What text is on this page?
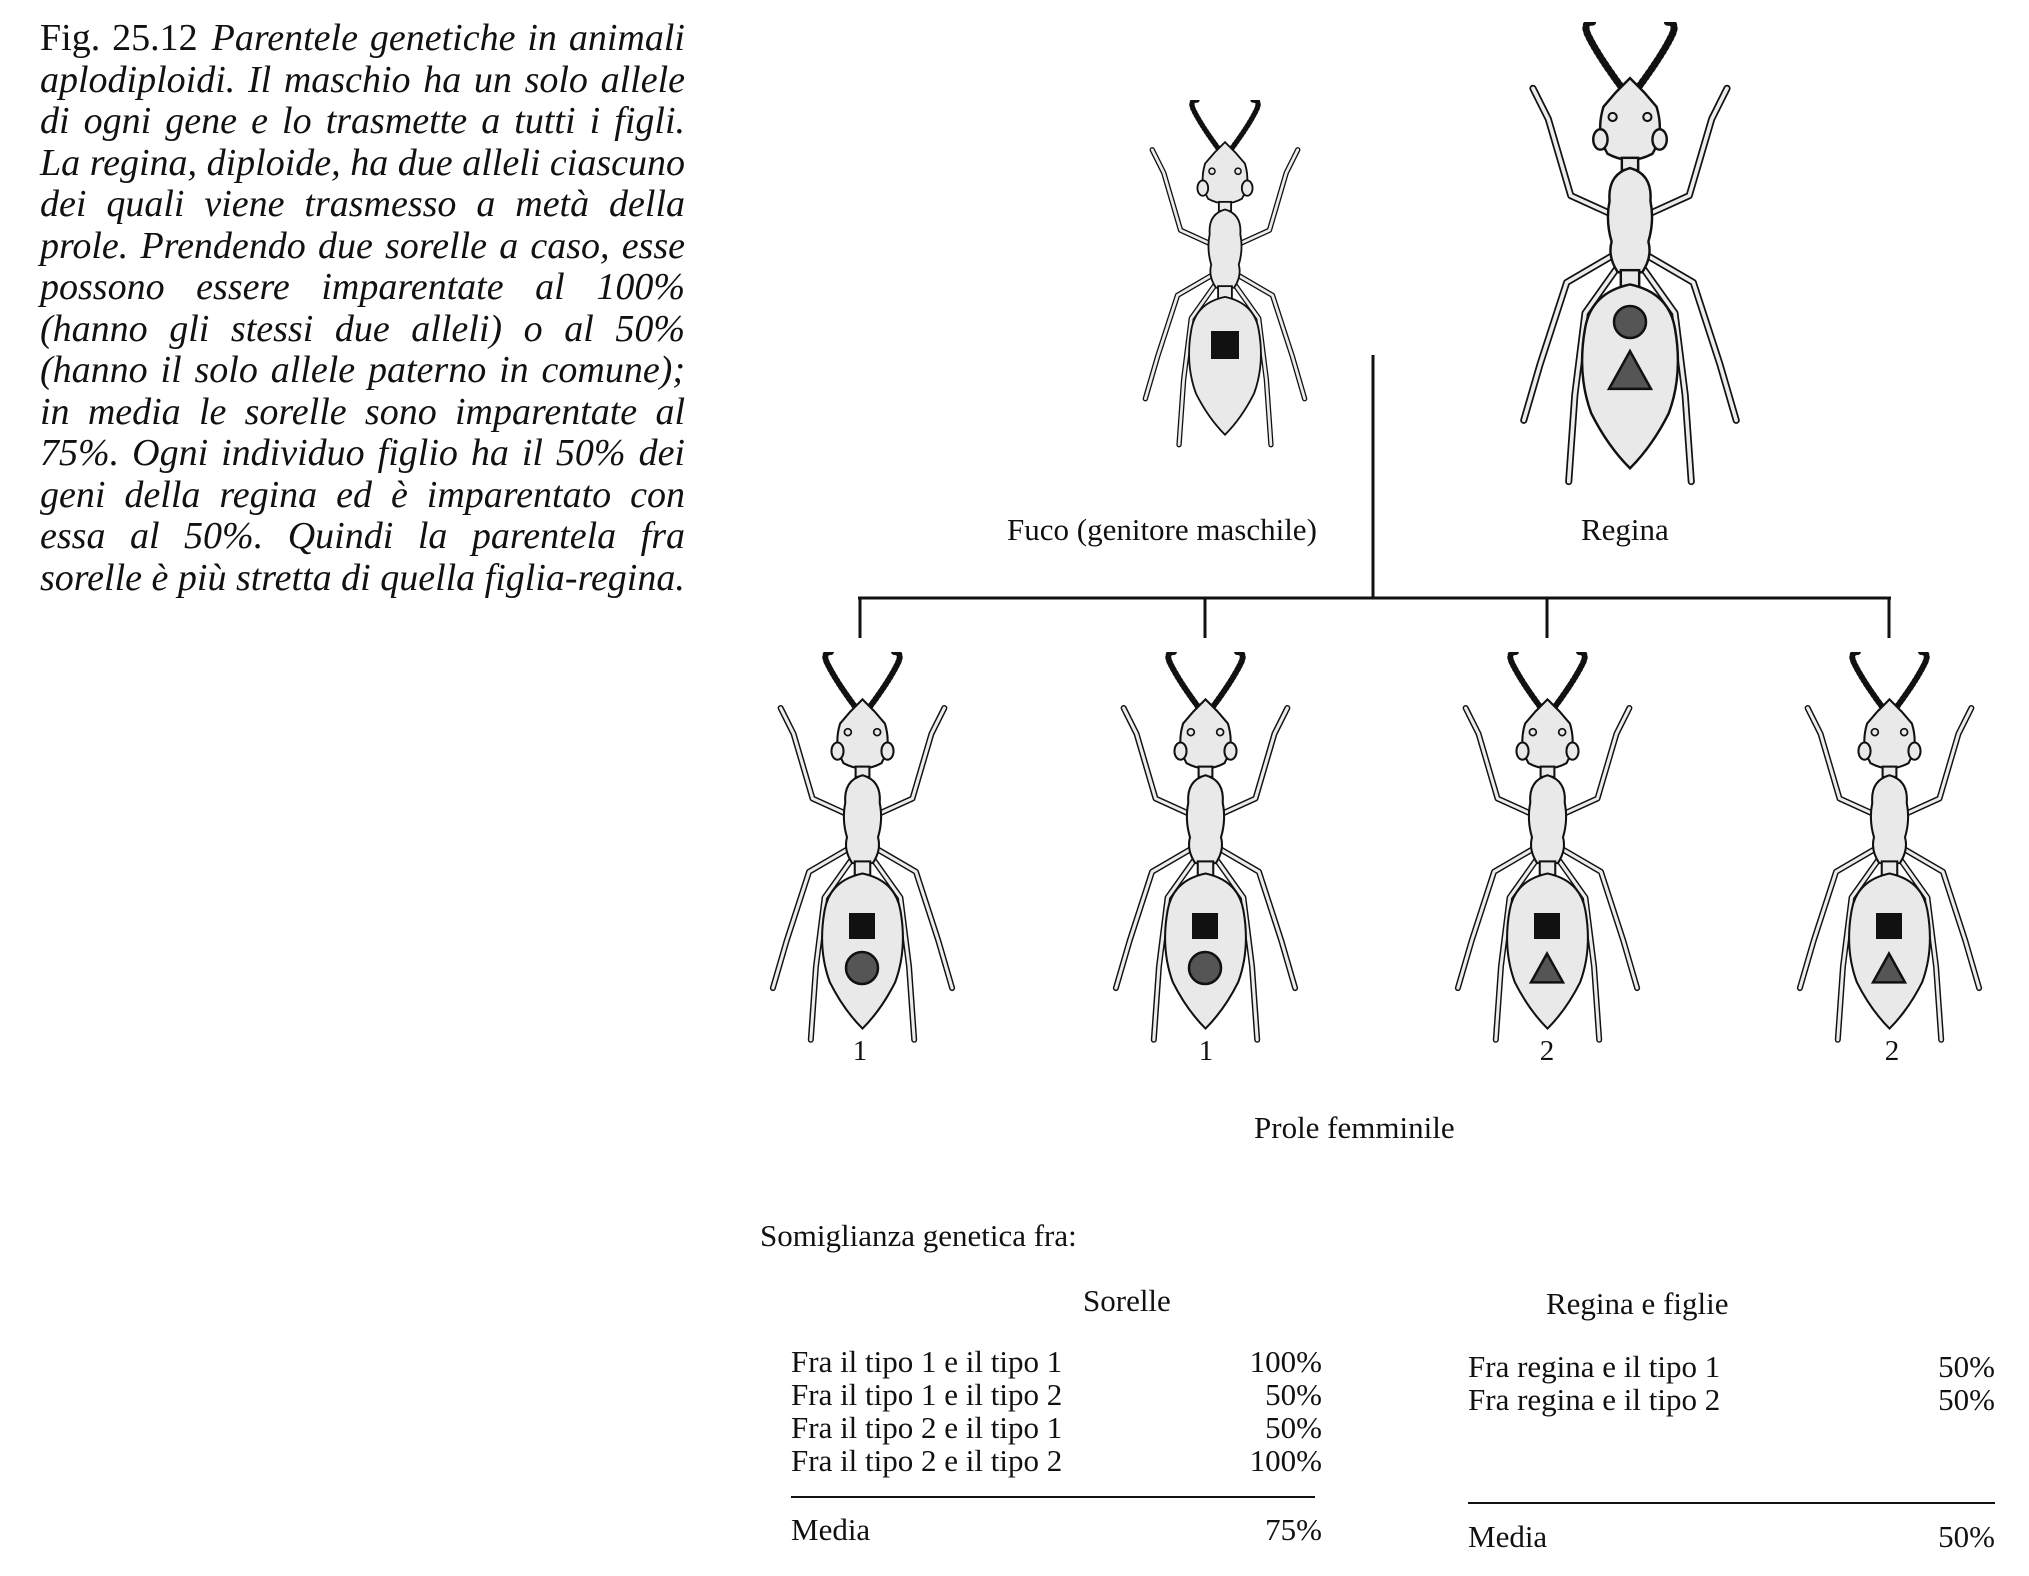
Fig. 25.12 Parentele genetiche in animali aplodiploidi. Il maschio ha un solo allele di ogni gene e lo trasmette a tutti i figli. La regina, diploide, ha due alleli ciascuno dei quali viene trasmesso a metà della prole. Prendendo due sorelle a caso, esse possono essere imparentate al 100% (hanno gli stessi due alleli) o al 50% (hanno il solo allele paterno in comune); in media le sorelle sono imparentate al 75%. Ogni individuo figlio ha il 50% dei geni della regina ed è imparentato con essa al 50%. Quindi la parentela fra sorelle è più stretta di quella figlia-regina.
Fuco (genitore maschile)	Regina
1	1	2	2
Prole femminile
Somiglianza genetica fra:
Sorelle	Regina e figlie
Fra il tipo 1 e il tipo 1	100%
Fra il tipo 1 e il tipo 2	50%
Fra il tipo 2 e il tipo 1	50%
Fra il tipo 2 e il tipo 2	100%
Media	75%
Fra regina e il tipo 1	50%
Fra regina e il tipo 2	50%
Media	50%
